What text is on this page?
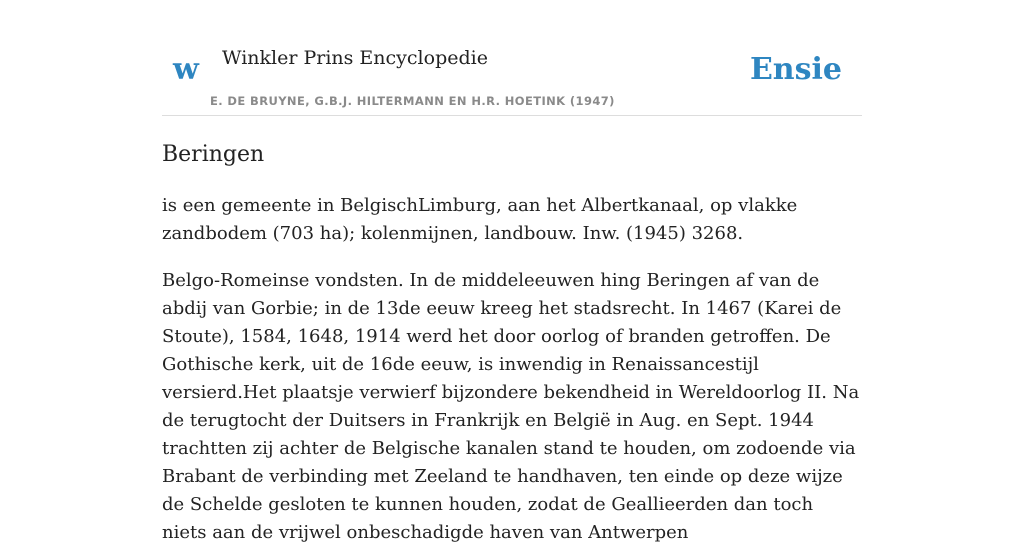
w Winkler Prins Encyclopedie
E. DE BRUYNE, G.B.J. HILTERMANN EN H.R. HOETINK (1947)
Ensie
Beringen

is een gemeente in BelgischLimburg, aan het Albertkanaal, op vlakke zandbodem (703 ha); kolenmijnen, landbouw. Inw. (1945) 3268.

Belgo-Romeinse vondsten. In de middeleeuwen hing Beringen af van de abdij van Gorbie; in de 13de eeuw kreeg het stadsrecht. In 1467 (Karei de Stoute), 1584, 1648, 1914 werd het door oorlog of branden getroffen. De Gothische kerk, uit de 16de eeuw, is inwendig in Renaissancestijl versierd.Het plaatsje verwierf bijzondere bekendheid in Wereldoorlog II. Na de terugtocht der Duitsers in Frankrijk en België in Aug. en Sept. 1944 trachtten zij achter de Belgische kanalen stand te houden, om zodoende via Brabant de verbinding met Zeeland te handhaven, ten einde op deze wijze de Schelde gesloten te kunnen houden, zodat de Geallieerden dan toch niets aan de vrijwel onbeschadigde haven van Antwerpen
